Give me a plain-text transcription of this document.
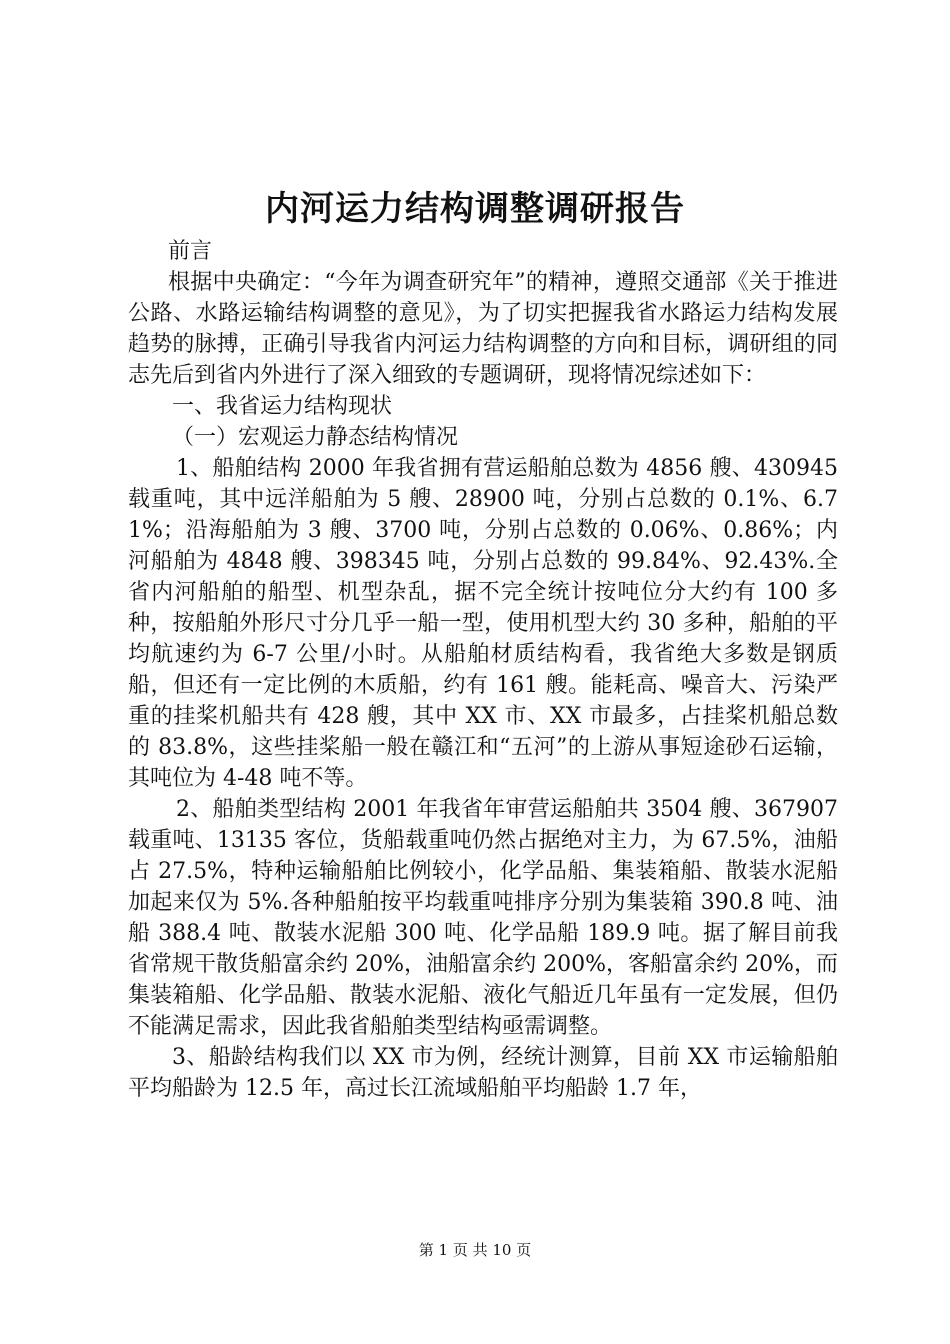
内河运力结构调整调研报告

前言

根据中央确定：“今年为调查研究年”的精神，遵照交通部《关于推进公路、水路运输结构调整的意见》，为了切实把握我省水路运力结构发展趋势的脉搏，正确引导我省内河运力结构调整的方向和目标，调研组的同志先后到省内外进行了深入细致的专题调研，现将情况综述如下：

一、我省运力结构现状

（一）宏观运力静态结构情况

1、船舶结构 2000 年我省拥有营运船舶总数为 4856 艘、430945 载重吨，其中远洋船舶为 5 艘、28900 吨，分别占总数的 0.1%、6.71%；沿海船舶为 3 艘、3700 吨，分别占总数的 0.06%、0.86%；内河船舶为 4848 艘、398345 吨，分别占总数的 99.84%、92.43%.全省内河船舶的船型、机型杂乱，据不完全统计按吨位分大约有 100 多种，按船舶外形尺寸分几乎一船一型，使用机型大约 30 多种，船舶的平均航速约为 6-7 公里/小时。从船舶材质结构看，我省绝大多数是钢质船，但还有一定比例的木质船，约有 161 艘。能耗高、噪音大、污染严重的挂桨机船共有 428 艘，其中 XX 市、XX 市最多，占挂桨机船总数的 83.8%，这些挂桨船一般在赣江和“五河”的上游从事短途砂石运输，其吨位为 4-48 吨不等。

2、船舶类型结构 2001 年我省年审营运船舶共 3504 艘、367907 载重吨、13135 客位，货船载重吨仍然占据绝对主力，为 67.5%，油船占 27.5%，特种运输船舶比例较小，化学品船、集装箱船、散装水泥船加起来仅为 5%.各种船舶按平均载重吨排序分别为集装箱 390.8 吨、油船 388.4 吨、散装水泥船 300 吨、化学品船 189.9 吨。据了解目前我省常规干散货船富余约 20%，油船富余约 200%，客船富余约 20%，而集装箱船、化学品船、散装水泥船、液化气船近几年虽有一定发展，但仍不能满足需求，因此我省船舶类型结构亟需调整。

3、船龄结构我们以 XX 市为例，经统计测算，目前 XX 市运输船舶平均船龄为 12.5 年，高过长江流域船舶平均船龄 1.7 年，

第 1 页 共 10 页
